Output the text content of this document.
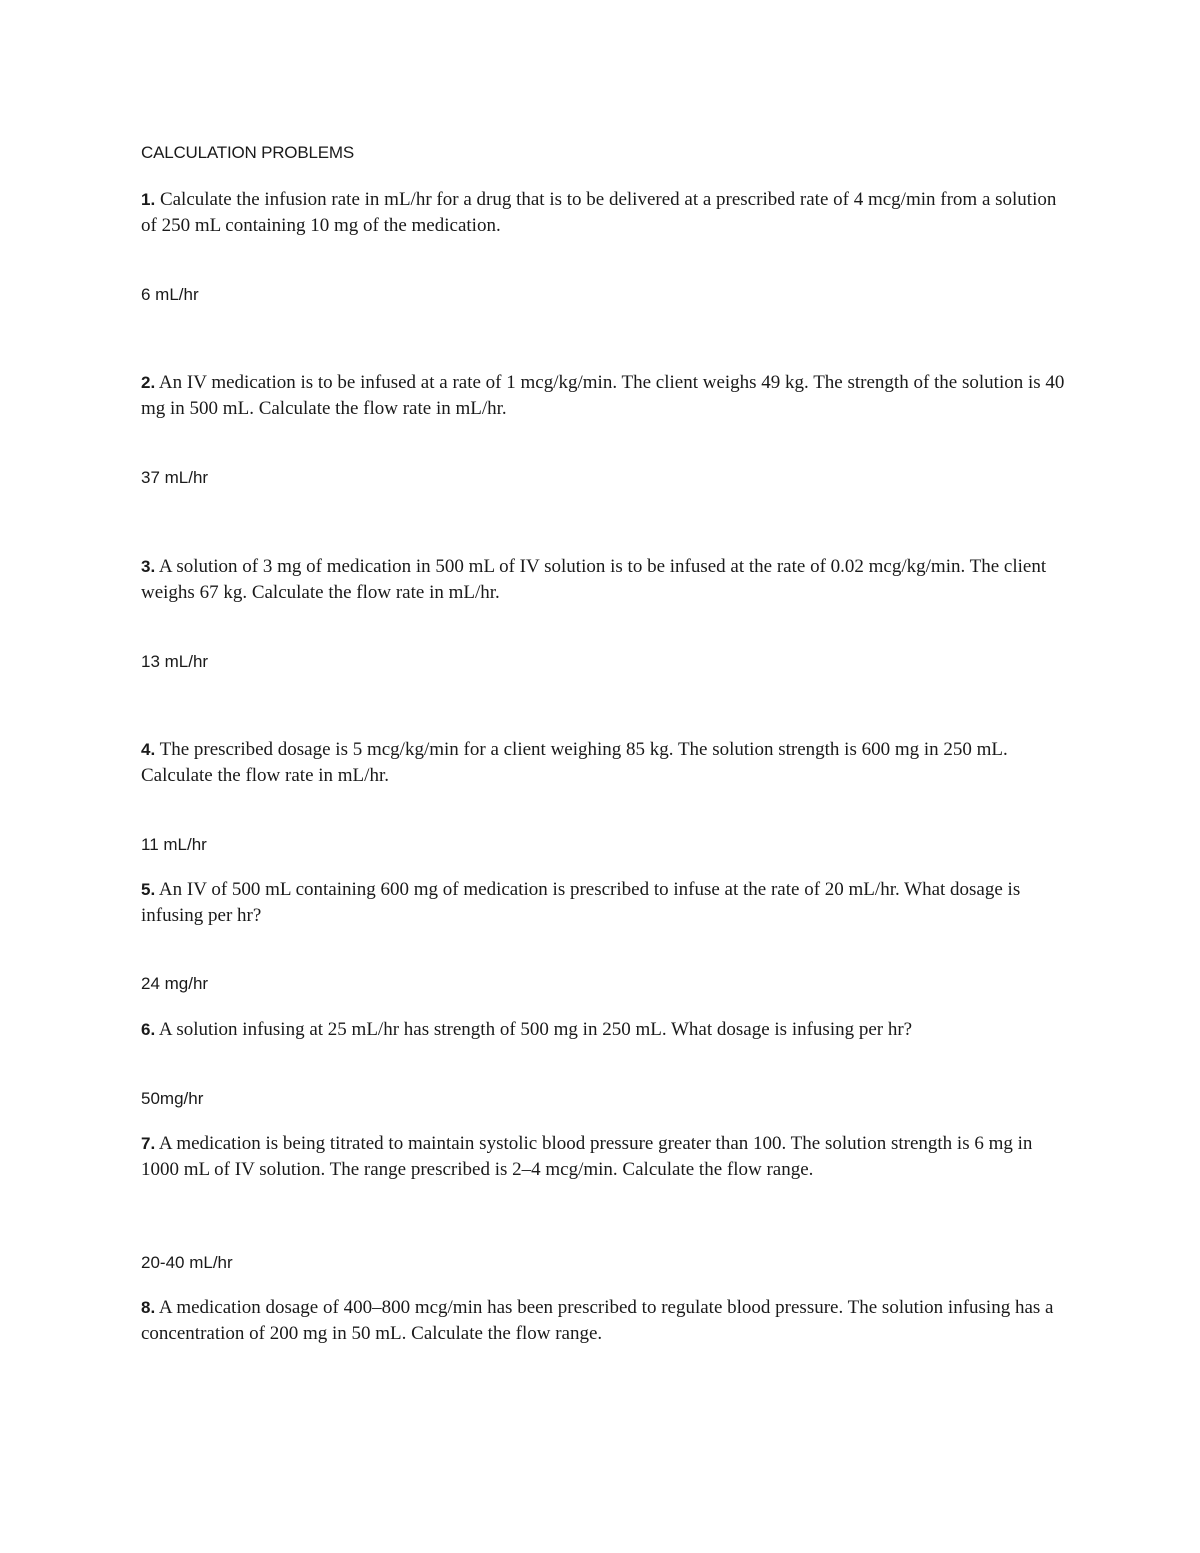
CALCULATION PROBLEMS
1. Calculate the infusion rate in mL/hr for a drug that is to be delivered at a prescribed rate of 4 mcg/min from a solution of 250 mL containing 10 mg of the medication.
6 mL/hr
2. An IV medication is to be infused at a rate of 1 mcg/kg/min. The client weighs 49 kg. The strength of the solution is 40 mg in 500 mL. Calculate the flow rate in mL/hr.
37 mL/hr
3. A solution of 3 mg of medication in 500 mL of IV solution is to be infused at the rate of 0.02 mcg/kg/min. The client weighs 67 kg. Calculate the flow rate in mL/hr.
13 mL/hr
4. The prescribed dosage is 5 mcg/kg/min for a client weighing 85 kg. The solution strength is 600 mg in 250 mL. Calculate the flow rate in mL/hr.
11 mL/hr
5. An IV of 500 mL containing 600 mg of medication is prescribed to infuse at the rate of 20 mL/hr. What dosage is infusing per hr?
24 mg/hr
6. A solution infusing at 25 mL/hr has strength of 500 mg in 250 mL. What dosage is infusing per hr?
50mg/hr
7. A medication is being titrated to maintain systolic blood pressure greater than 100. The solution strength is 6 mg in 1000 mL of IV solution. The range prescribed is 2–4 mcg/min. Calculate the flow range.
20-40 mL/hr
8. A medication dosage of 400–800 mcg/min has been prescribed to regulate blood pressure. The solution infusing has a concentration of 200 mg in 50 mL. Calculate the flow range.
